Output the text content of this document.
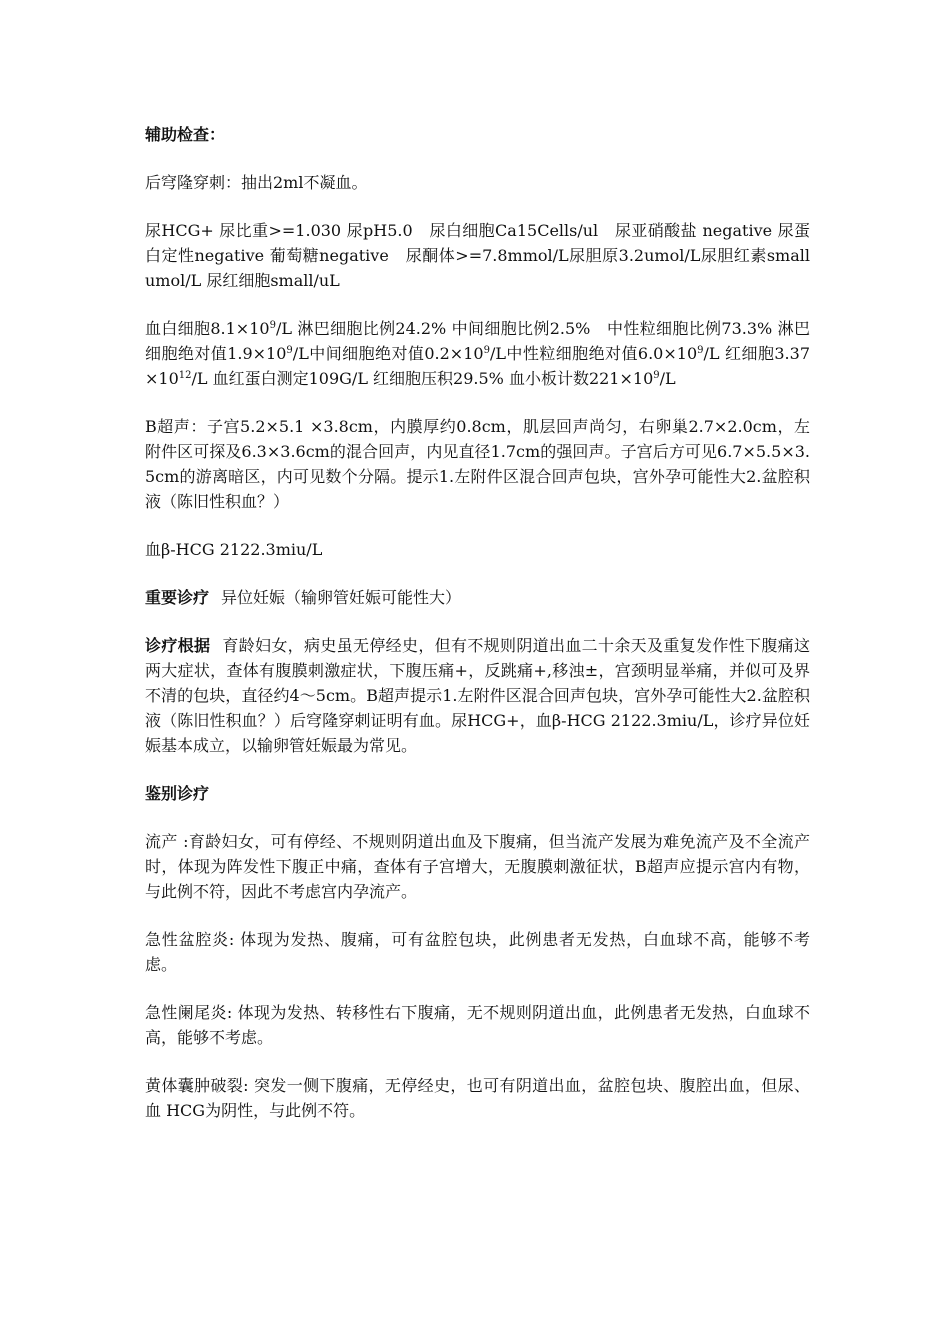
辅助检查：

后穹隆穿刺：抽出2ml不凝血。

尿HCG+ 尿比重>=1.030 尿pH5.0　尿白细胞Ca15Cells/ul　尿亚硝酸盐 negative 尿蛋白定性negative 葡萄糖negative　尿酮体>=7.8mmol/L尿胆原3.2umol/L尿胆红素small umol/L 尿红细胞small/uL

血白细胞$8.1\times 10^9/L$ 淋巴细胞比例24.2% 中间细胞比例2.5%　中性粒细胞比例73.3% 淋巴细胞绝对值$1.9\times 10^9/L$中间细胞绝对值$0.2\times 10^9/L$中性粒细胞绝对值$6.0\times 10^9/L$ 红细胞$3.37\times 10^{12}/L$ 血红蛋白测定109G/L 红细胞压积29.5% 血小板计数$221\times 10^9/L$

B超声：子宫5.2×5.1 ×3.8cm，内膜厚约0.8cm，肌层回声尚匀，右卵巢2.7×2.0cm，左附件区可探及6.3×3.6cm的混合回声，内见直径1.7cm的强回声。子宫后方可见6.7×5.5×3.5cm的游离暗区，内可见数个分隔。提示1.左附件区混合回声包块，宫外孕可能性大2.盆腔积液（陈旧性积血？）

血β-HCG 2122.3miu/L

重要诊疗 异位妊娠（输卵管妊娠可能性大）

诊疗根据 育龄妇女，病史虽无停经史，但有不规则阴道出血二十余天及重复发作性下腹痛这两大症状，查体有腹膜刺激症状，下腹压痛+，反跳痛+,移浊±，宫颈明显举痛，并似可及界不清的包块，直径约4～5cm。B超声提示1.左附件区混合回声包块，宫外孕可能性大2.盆腔积液（陈旧性积血？）后穹隆穿刺证明有血。尿HCG+，血β-HCG 2122.3miu/L，诊疗异位妊娠基本成立，以输卵管妊娠最为常见。

鉴别诊疗

流产 :育龄妇女，可有停经、不规则阴道出血及下腹痛，但当流产发展为难免流产及不全流产时，体现为阵发性下腹正中痛，查体有子宫增大，无腹膜刺激征状，B超声应提示宫内有物，与此例不符，因此不考虑宫内孕流产。

急性盆腔炎: 体现为发热、腹痛，可有盆腔包块，此例患者无发热，白血球不高，能够不考虑。

急性阑尾炎: 体现为发热、转移性右下腹痛，无不规则阴道出血，此例患者无发热，白血球不高，能够不考虑。

黄体囊肿破裂: 突发一侧下腹痛，无停经史，也可有阴道出血，盆腔包块、腹腔出血，但尿、血 HCG为阴性，与此例不符。
